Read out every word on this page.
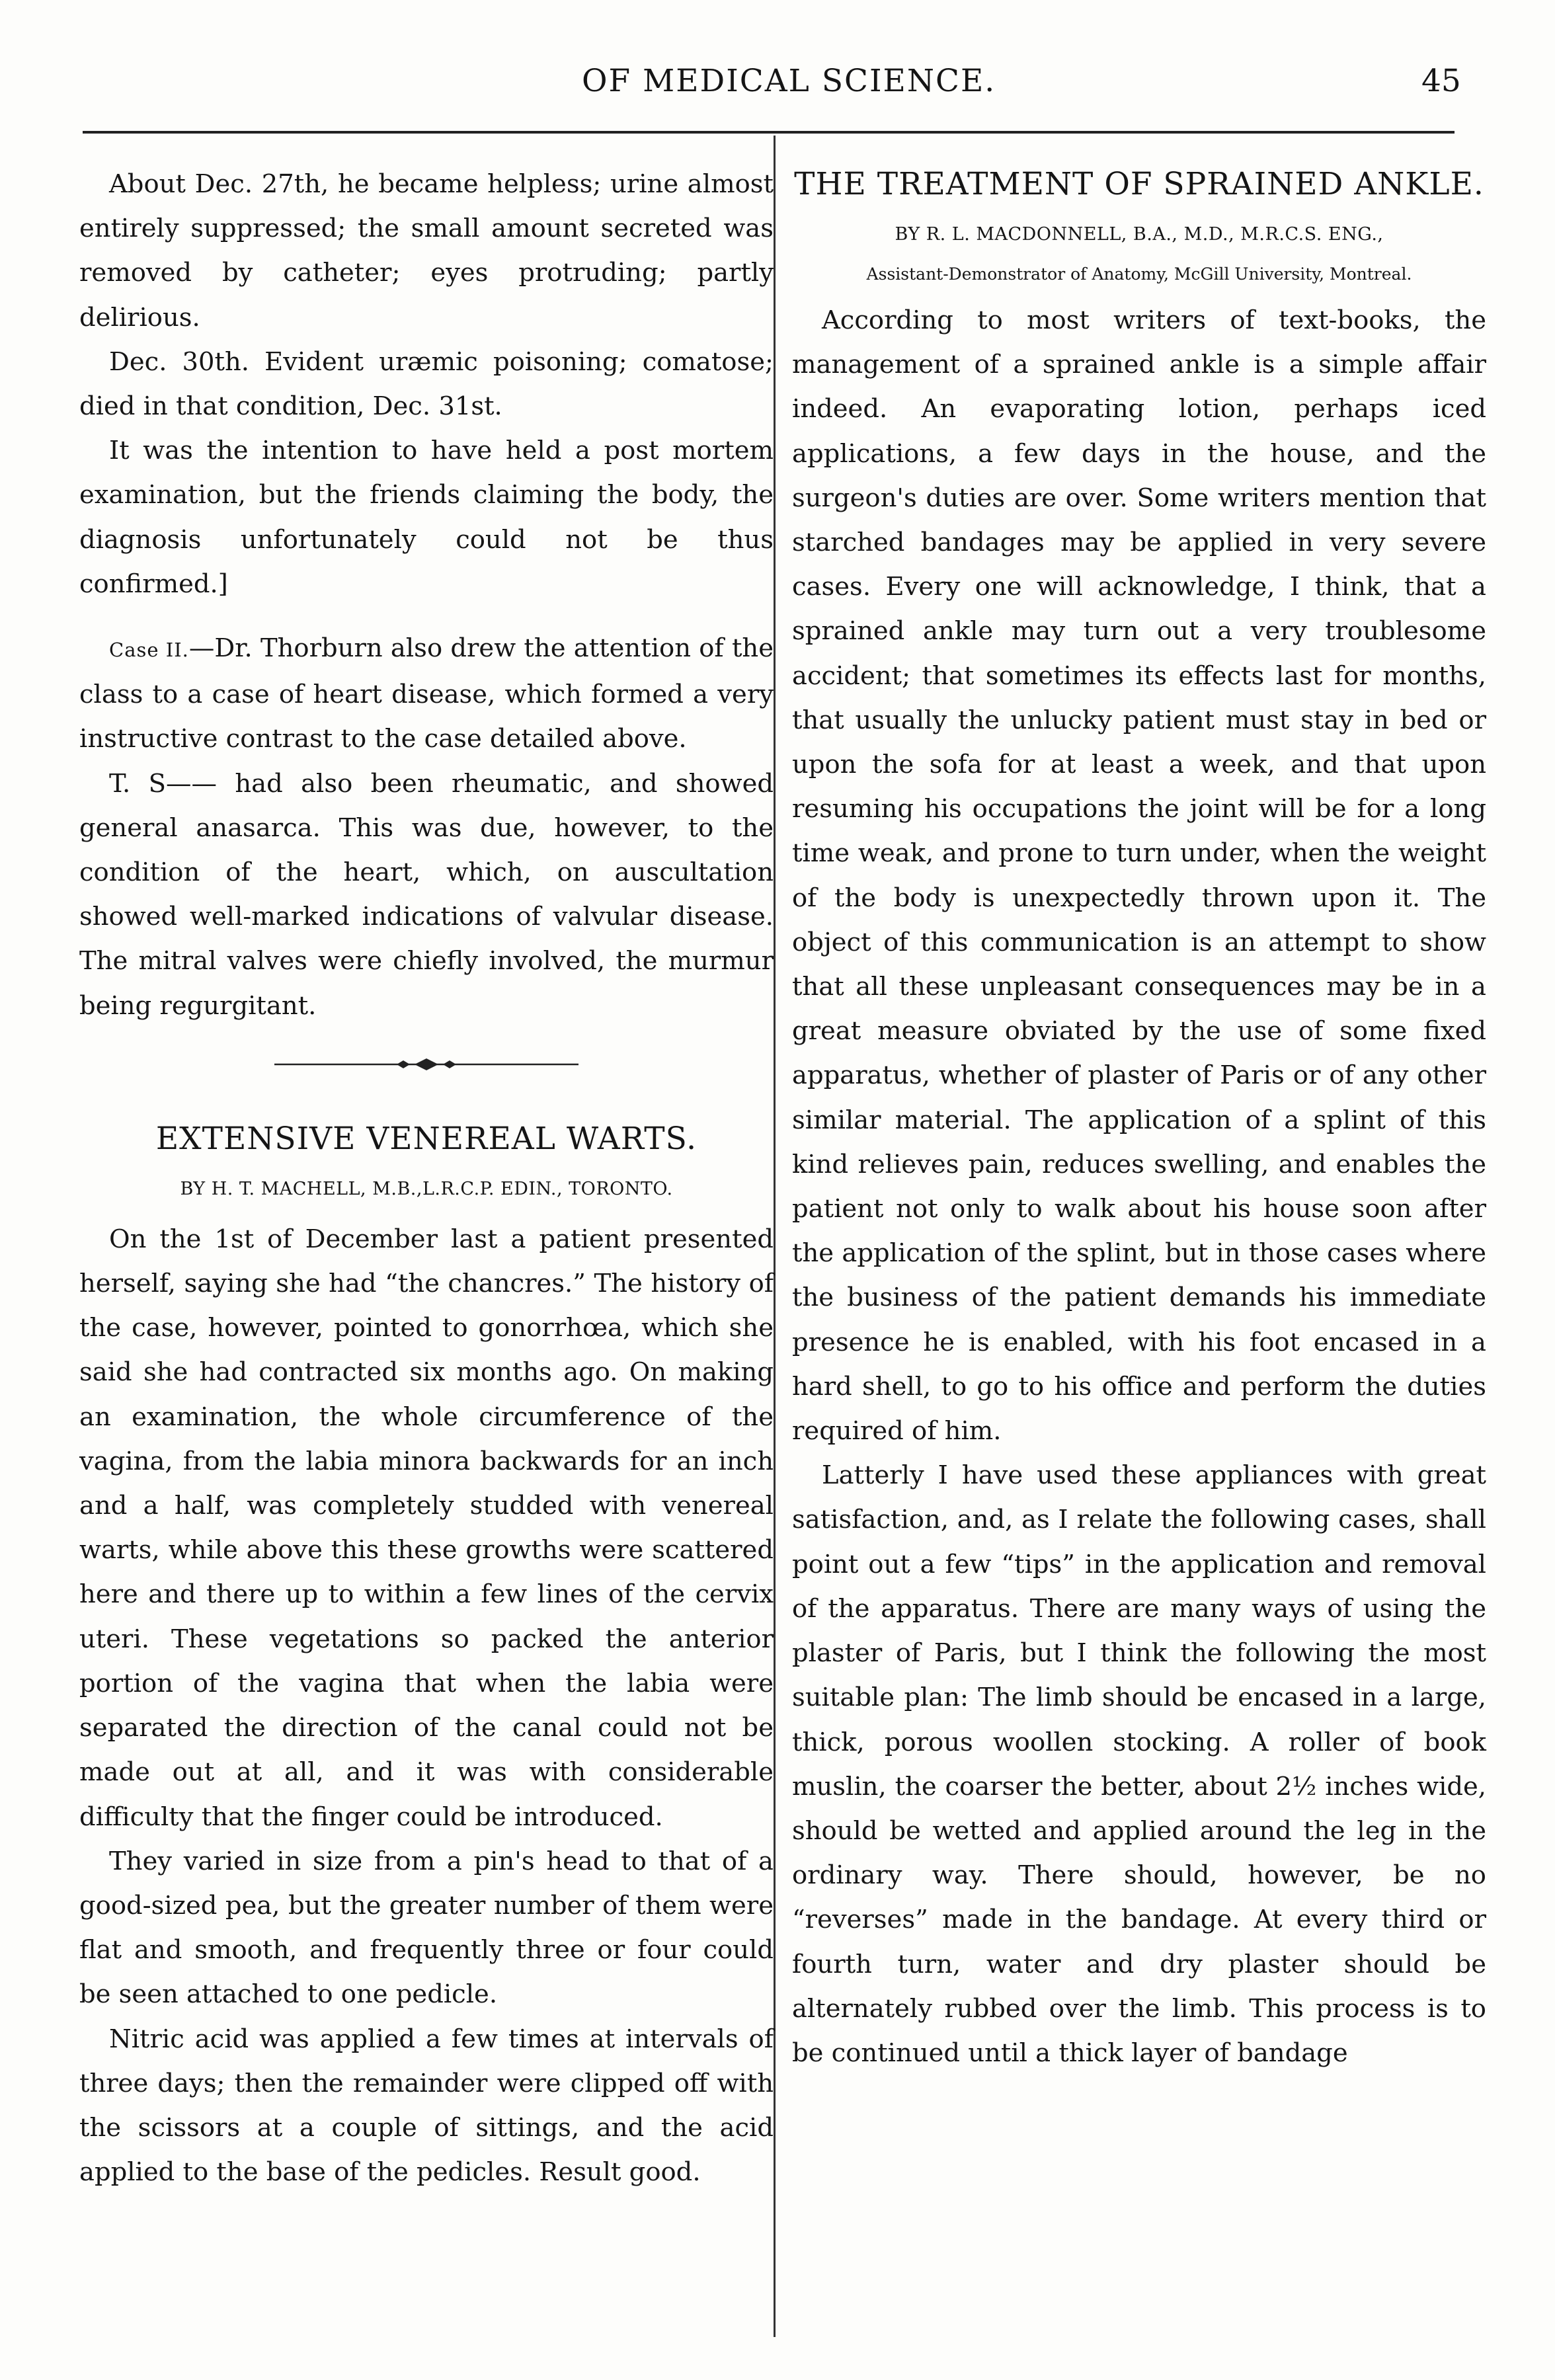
OF MEDICAL SCIENCE.	45

About Dec. 27th, he became helpless; urine almost entirely suppressed; the small amount secreted was removed by catheter; eyes protruding; partly delirious.

Dec. 30th. Evident uræmic poisoning; comatose; died in that condition, Dec. 31st.

It was the intention to have held a post mortem examination, but the friends claiming the body, the diagnosis unfortunately could not be thus confirmed.]

Case II.—Dr. Thorburn also drew the attention of the class to a case of heart disease, which formed a very instructive contrast to the case detailed above.

T. S—— had also been rheumatic, and showed general anasarca. This was due, however, to the condition of the heart, which, on auscultation showed well-marked indications of valvular disease. The mitral valves were chiefly involved, the murmur being regurgitant.

EXTENSIVE VENEREAL WARTS.
BY H. T. MACHELL, M.B.,L.R.C.P. EDIN., TORONTO.

On the 1st of December last a patient presented herself, saying she had “the chancres.” The history of the case, however, pointed to gonorrhœa, which she said she had contracted six months ago. On making an examination, the whole circumference of the vagina, from the labia minora backwards for an inch and a half, was completely studded with venereal warts, while above this these growths were scattered here and there up to within a few lines of the cervix uteri. These vegetations so packed the anterior portion of the vagina that when the labia were separated the direction of the canal could not be made out at all, and it was with considerable difficulty that the finger could be introduced.

They varied in size from a pin's head to that of a good-sized pea, but the greater number of them were flat and smooth, and frequently three or four could be seen attached to one pedicle.

Nitric acid was applied a few times at intervals of three days; then the remainder were clipped off with the scissors at a couple of sittings, and the acid applied to the base of the pedicles. Result good.

THE TREATMENT OF SPRAINED ANKLE.
BY R. L. MACDONNELL, B.A., M.D., M.R.C.S. ENG.,
Assistant-Demonstrator of Anatomy, McGill University, Montreal.

According to most writers of text-books, the management of a sprained ankle is a simple affair indeed. An evaporating lotion, perhaps iced applications, a few days in the house, and the surgeon's duties are over. Some writers mention that starched bandages may be applied in very severe cases. Every one will acknowledge, I think, that a sprained ankle may turn out a very troublesome accident; that sometimes its effects last for months, that usually the unlucky patient must stay in bed or upon the sofa for at least a week, and that upon resuming his occupations the joint will be for a long time weak, and prone to turn under, when the weight of the body is unexpectedly thrown upon it. The object of this communication is an attempt to show that all these unpleasant consequences may be in a great measure obviated by the use of some fixed apparatus, whether of plaster of Paris or of any other similar material. The application of a splint of this kind relieves pain, reduces swelling, and enables the patient not only to walk about his house soon after the application of the splint, but in those cases where the business of the patient demands his immediate presence he is enabled, with his foot encased in a hard shell, to go to his office and perform the duties required of him.

Latterly I have used these appliances with great satisfaction, and, as I relate the following cases, shall point out a few “tips” in the application and removal of the apparatus. There are many ways of using the plaster of Paris, but I think the following the most suitable plan: The limb should be encased in a large, thick, porous woollen stocking. A roller of book muslin, the coarser the better, about 2½ inches wide, should be wetted and applied around the leg in the ordinary way. There should, however, be no “reverses” made in the bandage. At every third or fourth turn, water and dry plaster should be alternately rubbed over the limb. This process is to be continued until a thick layer of bandage
